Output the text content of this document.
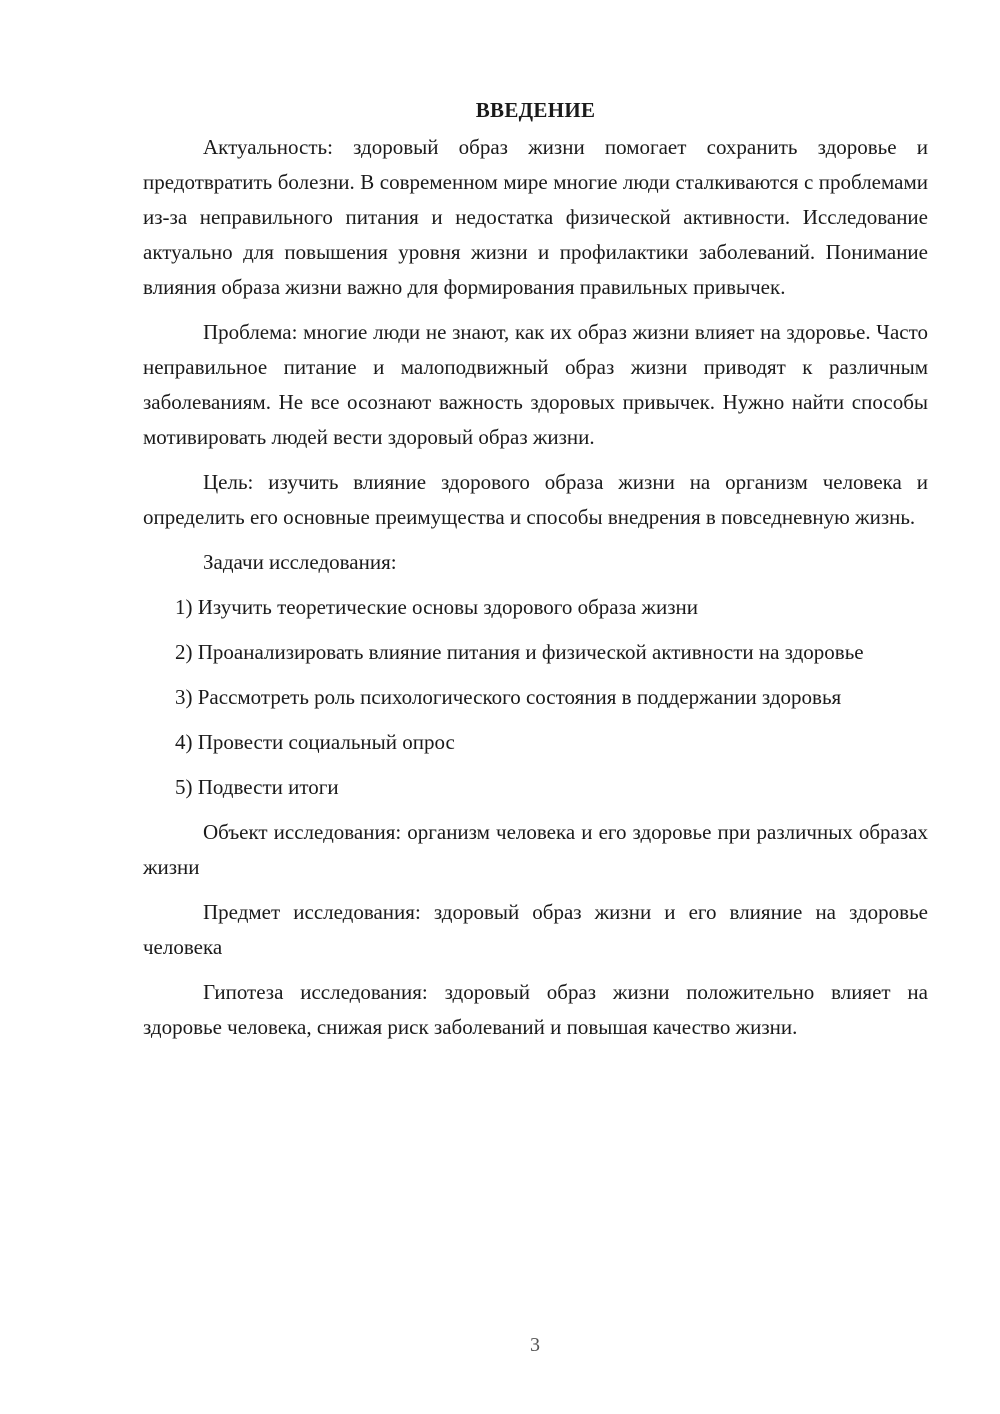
ВВЕДЕНИЕ

Актуальность: здоровый образ жизни помогает сохранить здоровье и предотвратить болезни. В современном мире многие люди сталкиваются с проблемами из-за неправильного питания и недостатка физической активности. Исследование актуально для повышения уровня жизни и профилактики заболеваний. Понимание влияния образа жизни важно для формирования правильных привычек.

Проблема: многие люди не знают, как их образ жизни влияет на здоровье. Часто неправильное питание и малоподвижный образ жизни приводят к различным заболеваниям. Не все осознают важность здоровых привычек. Нужно найти способы мотивировать людей вести здоровый образ жизни.

Цель: изучить влияние здорового образа жизни на организм человека и определить его основные преимущества и способы внедрения в повседневную жизнь.

Задачи исследования:

1) Изучить теоретические основы здорового образа жизни

2) Проанализировать влияние питания и физической активности на здоровье

3) Рассмотреть роль психологического состояния в поддержании здоровья

4) Провести социальный опрос

5) Подвести итоги

Объект исследования: организм человека и его здоровье при различных образах жизни

Предмет исследования: здоровый образ жизни и его влияние на здоровье человека

Гипотеза исследования: здоровый образ жизни положительно влияет на здоровье человека, снижая риск заболеваний и повышая качество жизни.

3
